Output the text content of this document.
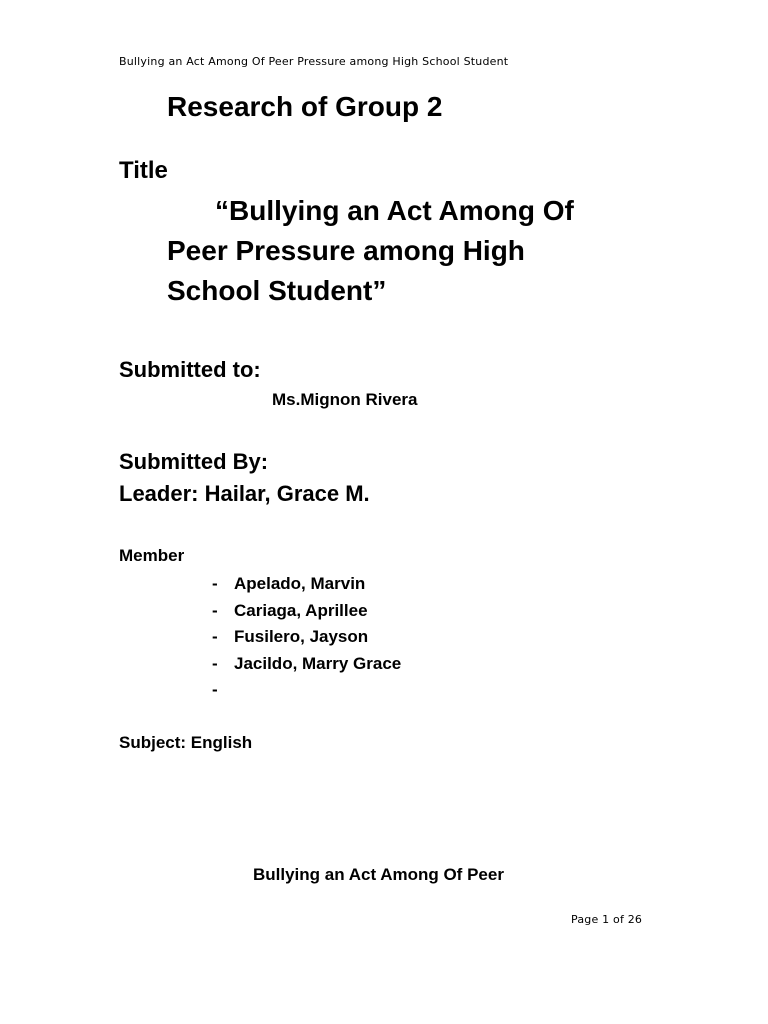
Bullying an Act Among Of Peer Pressure among High School Student
Research of Group 2
Title
“Bullying an Act Among Of
Peer Pressure among High
School Student”
Submitted to:
Ms.Mignon Rivera
Submitted By:
Leader: Hailar, Grace M.
Member
- Apelado, Marvin
- Cariaga, Aprillee
- Fusilero, Jayson
- Jacildo, Marry Grace
-
Subject: English
Bullying an Act Among Of Peer
Page 1 of 26
